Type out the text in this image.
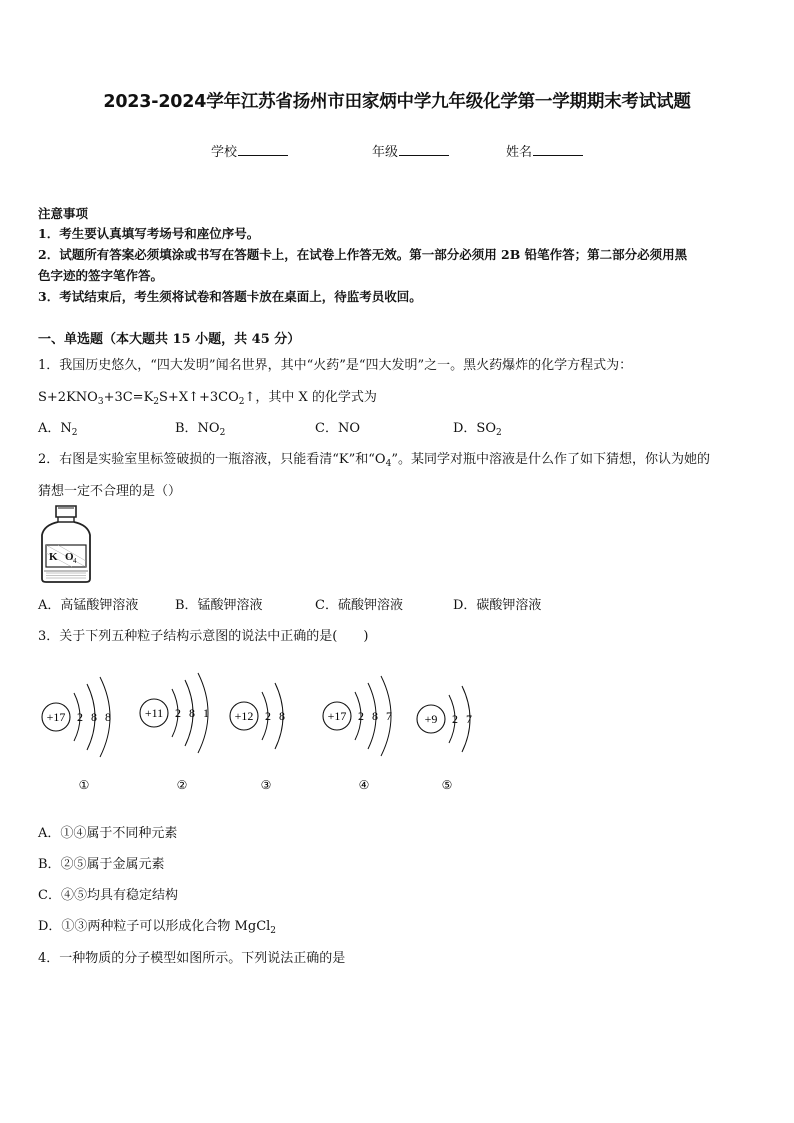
2023-2024学年江苏省扬州市田家炳中学九年级化学第一学期期末考试试题
学校	年级	姓名
注意事项
1．考生要认真填写考场号和座位序号。
2．试题所有答案必须填涂或书写在答题卡上，在试卷上作答无效。第一部分必须用 2B 铅笔作答；第二部分必须用黑
色字迹的签字笔作答。
3．考试结束后，考生须将试卷和答题卡放在桌面上，待监考员收回。
一、单选题（本大题共 15 小题，共 45 分）
1．我国历史悠久，“四大发明”闻名世界，其中“火药”是“四大发明”之一。黑火药爆炸的化学方程式为：
$S+2KNO_3+3C=K_2S+X↑+3CO_2↑$，其中 X 的化学式为
A．$N_2$	B．$NO_2$	C．NO	D．$SO_2$
2．右图是实验室里标签破损的一瓶溶液，只能看清“K”和“$O_4$”。某同学对瓶中溶液是什么作了如下猜想，你认为她的
猜想一定不合理的是（）
K O 4
A．高锰酸钾溶液	B．锰酸钾溶液	C．硫酸钾溶液	D．碳酸钾溶液
3．关于下列五种粒子结构示意图的说法中正确的是(　　)
+17 2 8 8
①
+11 2 8 1
②
+12 2 8
③
+17 2 8 7
④
+9 2 7
⑤
A．①④属于不同种元素
B．②⑤属于金属元素
C．④⑤均具有稳定结构
D．①③两种粒子可以形成化合物 MgCl$_2$
4．一种物质的分子模型如图所示。下列说法正确的是
